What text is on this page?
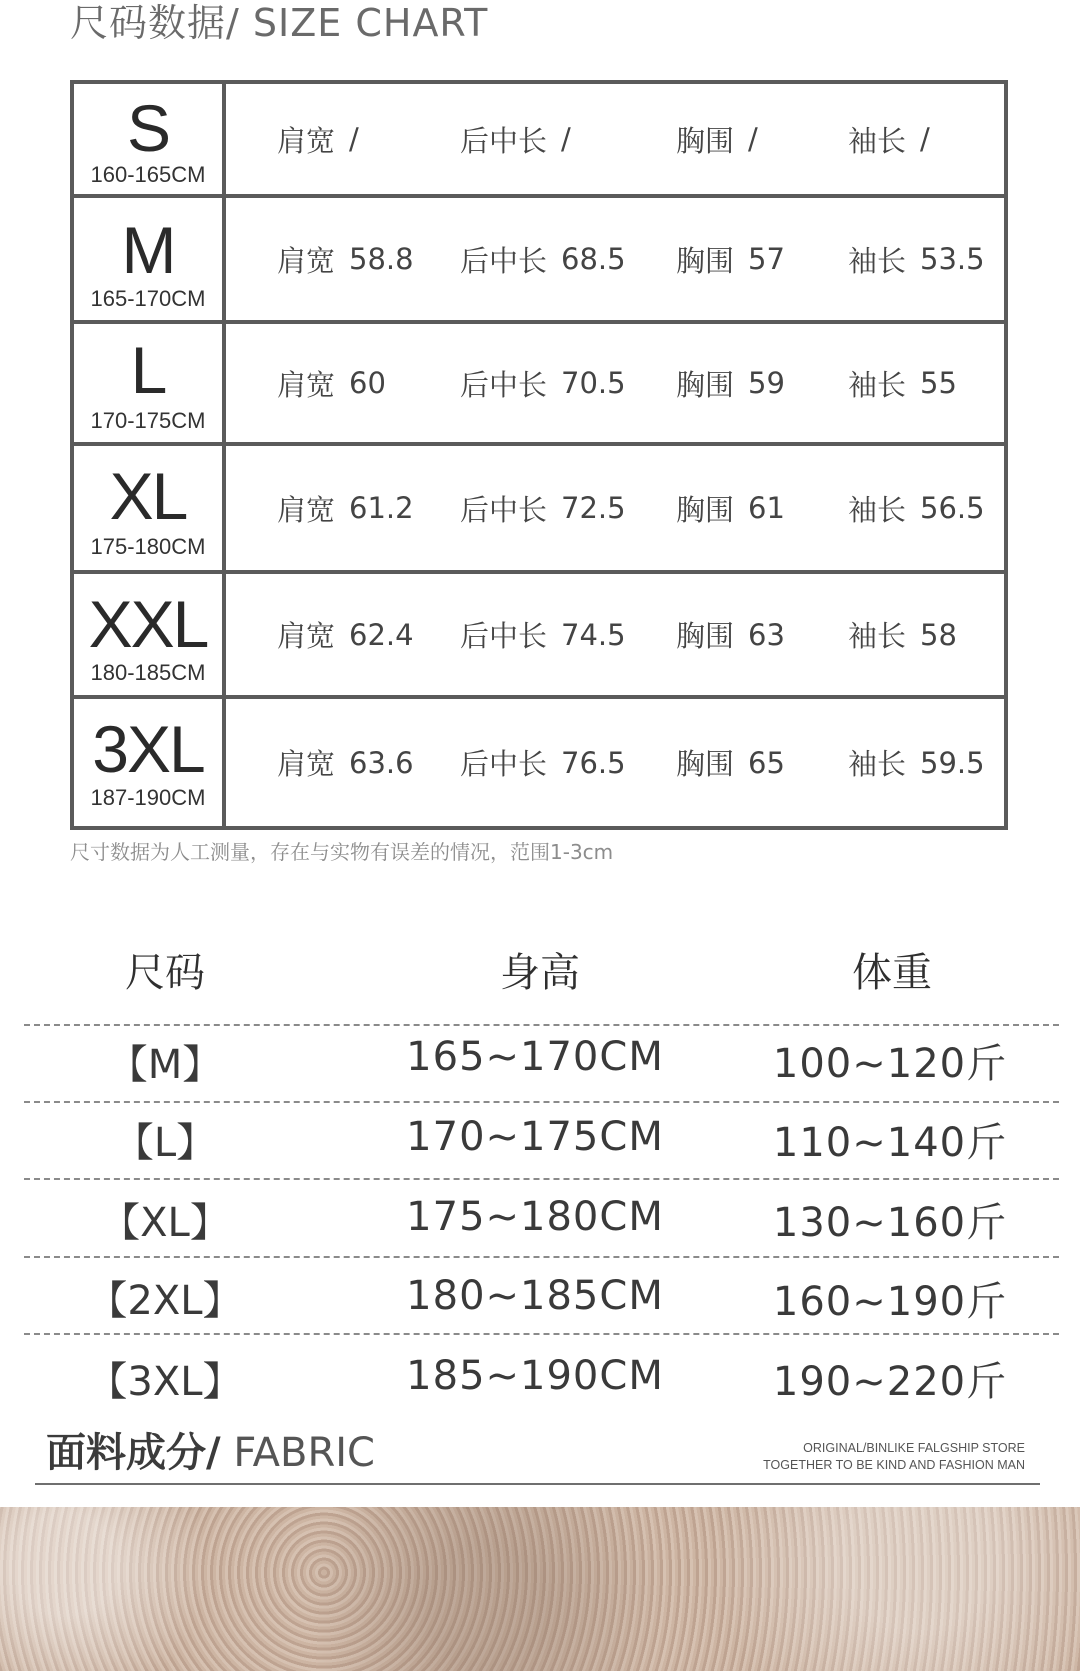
尺码数据/ SIZE CHART
S
160-165CM
肩宽 /	后中长 /	胸围 /	袖长 /
M
165-170CM
肩宽 58.8 后中长 68.5 胸围 57 袖长 53.5
L
170-175CM
肩宽 60	后中长 70.5 胸围 59 袖长 55
XL
175-180CM
肩宽 61.2 后中长 72.5 胸围 61 袖长 56.5
XXL
180-185CM
肩宽 62.4 后中长 74.5 胸围 63 袖长 58
3XL
187-190CM
肩宽 63.6 后中长 76.5 胸围 65 袖长 59.5
尺寸数据为人工测量，存在与实物有误差的情况，范围1-3cm
尺码	身高	体重
【M】	165~170CM	100~120斤
【L】	170~175CM	110~140斤
【XL】	175~180CM	130~160斤
【2XL】	180~185CM	160~190斤
【3XL】	185~190CM	190~220斤
面料成分/ FABRIC	ORIGINAL/BINLIKE FALGSHIP STORE
TOGETHER TO BE KIND AND FASHION MAN
